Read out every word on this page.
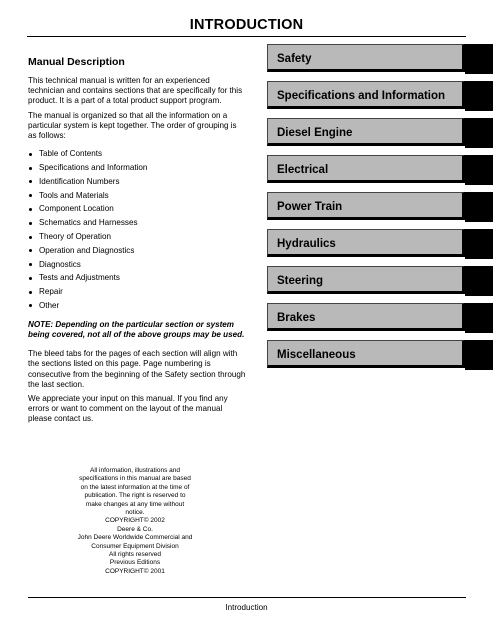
INTRODUCTION
Manual Description

This technical manual is written for an experienced technician and contains sections that are specifically for this product. It is a part of a total product support program.

The manual is organized so that all the information on a particular system is kept together. The order of grouping is as follows:

Table of Contents
Specifications and Information
Identification Numbers
Tools and Materials
Component Location
Schematics and Harnesses
Theory of Operation
Operation and Diagnostics
Diagnostics
Tests and Adjustments
Repair
Other

NOTE: Depending on the particular section or system being covered, not all of the above groups may be used.

The bleed tabs for the pages of each section will align with the sections listed on this page. Page numbering is consecutive from the beginning of the Safety section through the last section.

We appreciate your input on this manual. If you find any errors or want to comment on the layout of the manual please contact us.

All information, illustrations and
specifications in this manual are based
on the latest information at the time of
publication. The right is reserved to
make changes at any time without
notice.
COPYRIGHT© 2002
Deere & Co.
John Deere Worldwide Commercial and
Consumer Equipment Division
All rights reserved
Previous Editions
COPYRIGHT© 2001
Safety
Specifications and Information
Diesel Engine
Electrical
Power Train
Hydraulics
Steering
Brakes
Miscellaneous
Introduction
